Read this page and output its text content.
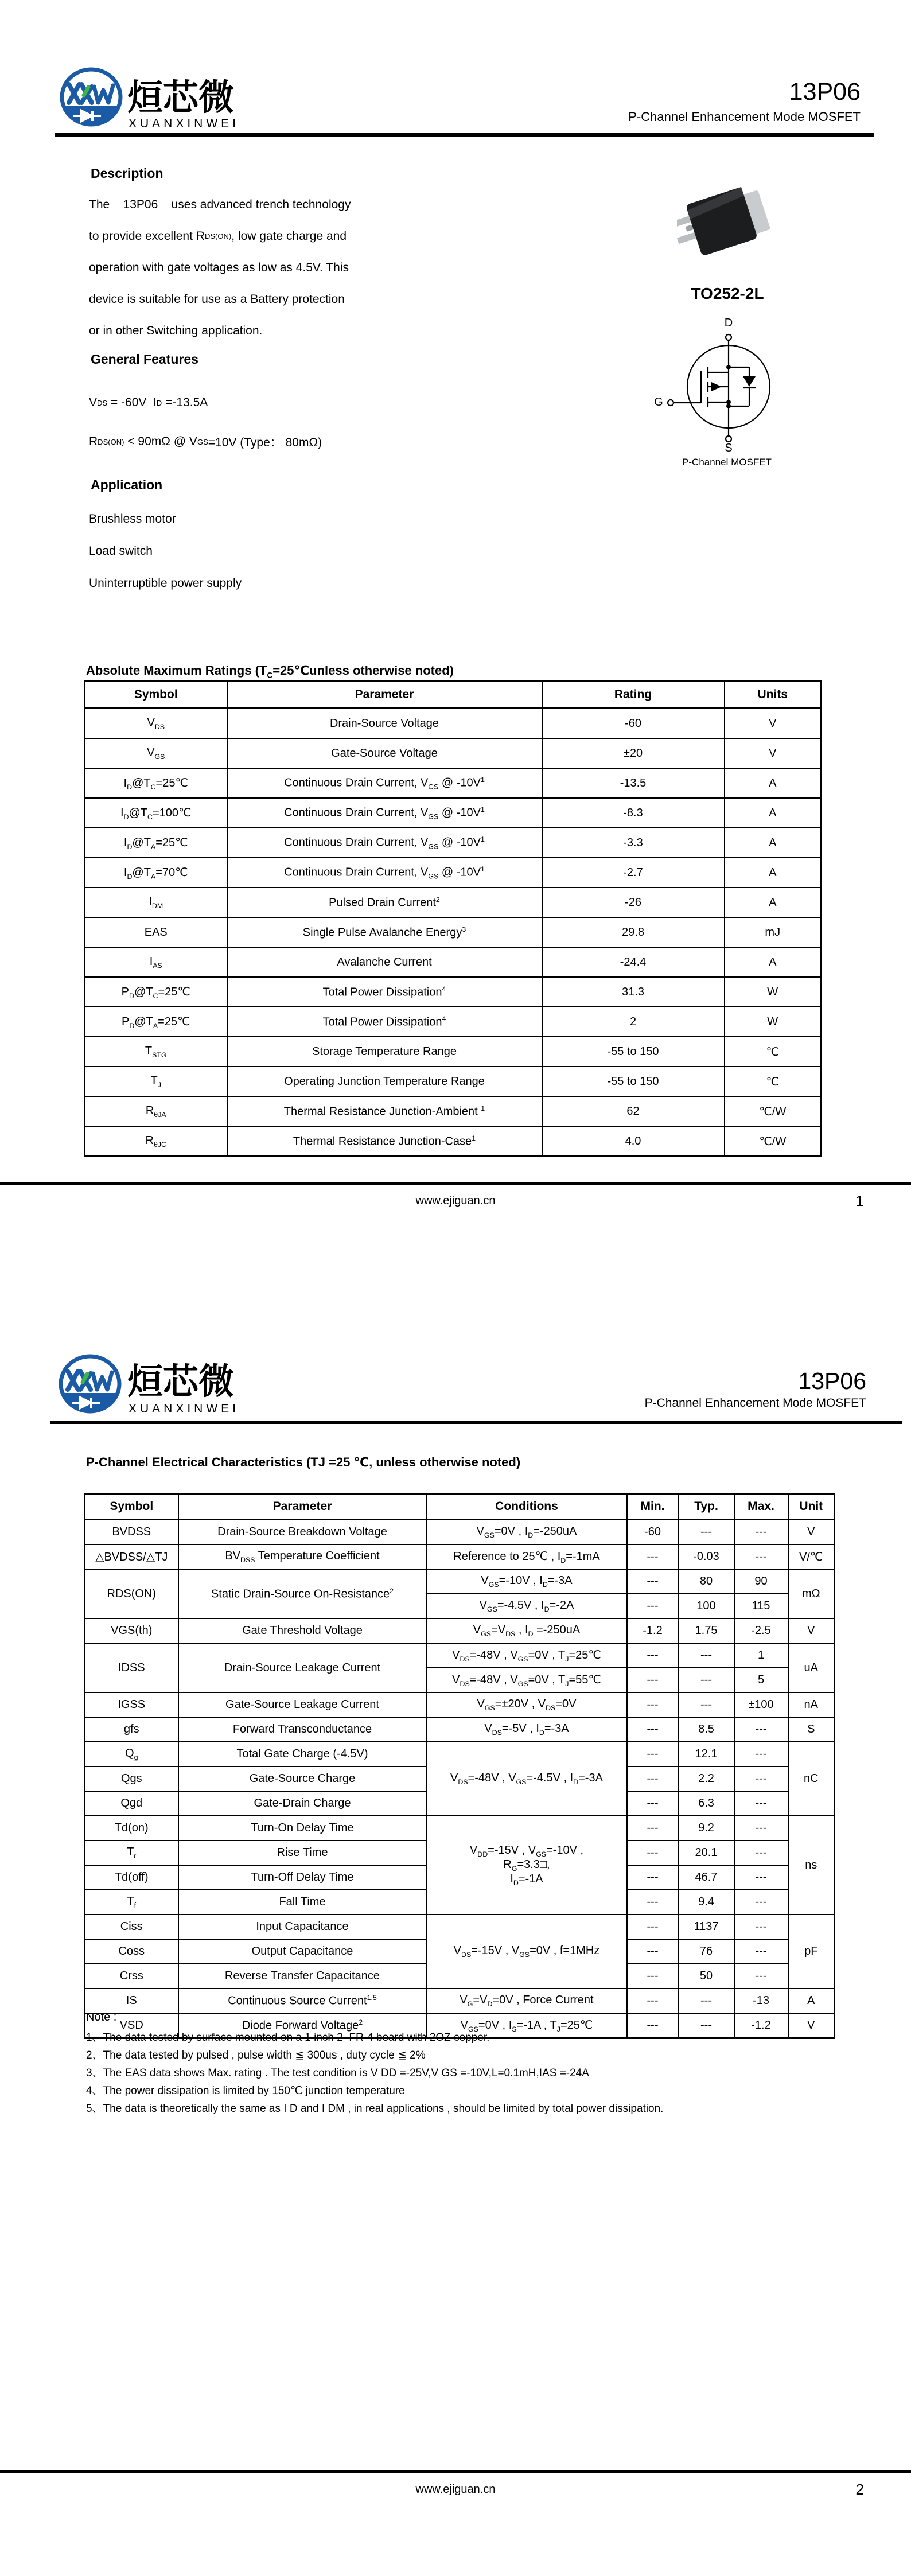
烜芯微
XUANXINWEI
13P06
P-Channel Enhancement Mode MOSFET
Description
The    13P06    uses advanced trench technology
to provide excellent R DS(ON) , low gate charge and
operation with gate voltages as low as 4.5V. This
device is suitable for use as a Battery protection
or in other Switching application.
General Features
V DS = -60V  I D =-13.5A
R DS(ON) < 90mΩ @ V GS =10V (Type： 80mΩ)
Application
Brushless motor
Load switch
Uninterruptible power supply
TO252-2L
D
G
S
P-Channel MOSFET
Absolute Maximum Ratings ($T_C=25℃unless$ otherwise noted)
Symbol	Parameter	Rating	Units
$V_{DS}$	Drain-Source Voltage	-60	V
$V_{GS}$	Gate-Source Voltage	±20	V
$I_D@T_C=25℃$	Continuous Drain Current, $V_{GS}$ @ $-10V^1$	-13.5	A
$I_D@T_C=100℃$	Continuous Drain Current, $V_{GS}$ @ $-10V^1$	-8.3	A
$I_D@T_A=25℃$	Continuous Drain Current, $V_{GS}$ @ $-10V^1$	-3.3	A
$I_D@T_A=70℃$	Continuous Drain Current, $V_{GS}$ @ $-10V^1$	-2.7	A
$I_{DM}$	Pulsed Drain Current$^2$	-26	A
EAS	Single Pulse Avalanche Energy$^3$	29.8	mJ
$I_{AS}$	Avalanche Current	-24.4	A
$P_D@T_C=25℃$	Total Power Dissipation$^4$	31.3	W
$P_D@T_A=25℃$	Total Power Dissipation$^4$	2	W
$T_{STG}$	Storage Temperature Range	-55 to 150	℃
$T_J$	Operating Junction Temperature Range	-55 to 150	℃
$R_{\theta JA}$	Thermal Resistance Junction-Ambient $^1$	62	℃/W
$R_{\theta JC}$	Thermal Resistance Junction-Case$^1$	4.0	℃/W
www.ejiguan.cn	1
烜芯微
XUANXINWEI
13P06
P-Channel Enhancement Mode MOSFET
P-Channel Electrical Characteristics (TJ =25 ℃, unless otherwise noted)
Symbol	Parameter	Conditions	Min.	Typ.	Max.	Unit
BVDSS	Drain-Source Breakdown Voltage	$V_{GS}=0V$ , $I_D=-250uA$	-60	---	---	V
△BVDSS/△TJ	$BV_{DSS}$ Temperature Coefficient	Reference to 25℃ , $I_D=-1mA$	---	-0.03	---	V/℃
RDS(ON)	Static Drain-Source On-Resistance$^2$	$V_{GS}=-10V$ , $I_D=-3A$	---	80	90	mΩ
		$V_{GS}=-4.5V$ , $I_D=-2A$	---	100	115	
VGS(th)	Gate Threshold Voltage	$V_{GS}=V_{DS}$ , $I_D =-250uA$	-1.2	1.75	-2.5	V
IDSS	Drain-Source Leakage Current	$V_{DS}=-48V$ , $V_{GS}=0V$ , $T_J=25℃$	---	---	1	uA
		$V_{DS}=-48V$ , $V_{GS}=0V$ , $T_J=55℃$	---	---	5	
IGSS	Gate-Source Leakage Current	$V_{GS}=\pm 20V$ , $V_{DS}=0V$	---	---	±100	nA
gfs	Forward Transconductance	$V_{DS}=-5V$ , $I_D=-3A$	---	8.5	---	S
$Q_g$	Total Gate Charge (-4.5V)	$V_{DS}=-48V$ , $V_{GS}=-4.5V$ , $I_D=-3A$	---	12.1	---	nC
Qgs	Gate-Source Charge		---	2.2	---	
Qgd	Gate-Drain Charge		---	6.3	---	
Td(on)	Turn-On Delay Time	$V_{DD}=-15V$ , $V_{GS}=-10V$ ,
$R_G=3.3□$,
$I_D=-1A$	---	9.2	---	ns
$T_r$	Rise Time		---	20.1	---	
Td(off)	Turn-Off Delay Time		---	46.7	---	
$T_f$	Fall Time		---	9.4	---	
Ciss	Input Capacitance	$V_{DS}=-15V$ , $V_{GS}=0V$ , f=1MHz	---	1137	---	pF
Coss	Output Capacitance		---	76	---	
Crss	Reverse Transfer Capacitance		---	50	---	
IS	Continuous Source Current$^{1,5}$	$V_G=V_D=0V$ , Force Current	---	---	-13	A
VSD	Diode Forward Voltage$^2$	$V_{GS}=0V$ , $I_S=-1A$ , $T_J=25℃$	---	---	-1.2	V
Note :
1、The data tested by surface mounted on a 1 inch 2  FR-4 board with 2OZ copper.
2、The data tested by pulsed , pulse width ≦ 300us , duty cycle ≦ 2%
3、The EAS data shows Max. rating . The test condition is V DD =-25V,V GS =-10V,L=0.1mH,IAS =-24A
4、The power dissipation is limited by 150℃ junction temperature
5、The data is theoretically the same as I D and I DM , in real applications , should be limited by total power dissipation.
www.ejiguan.cn	2
